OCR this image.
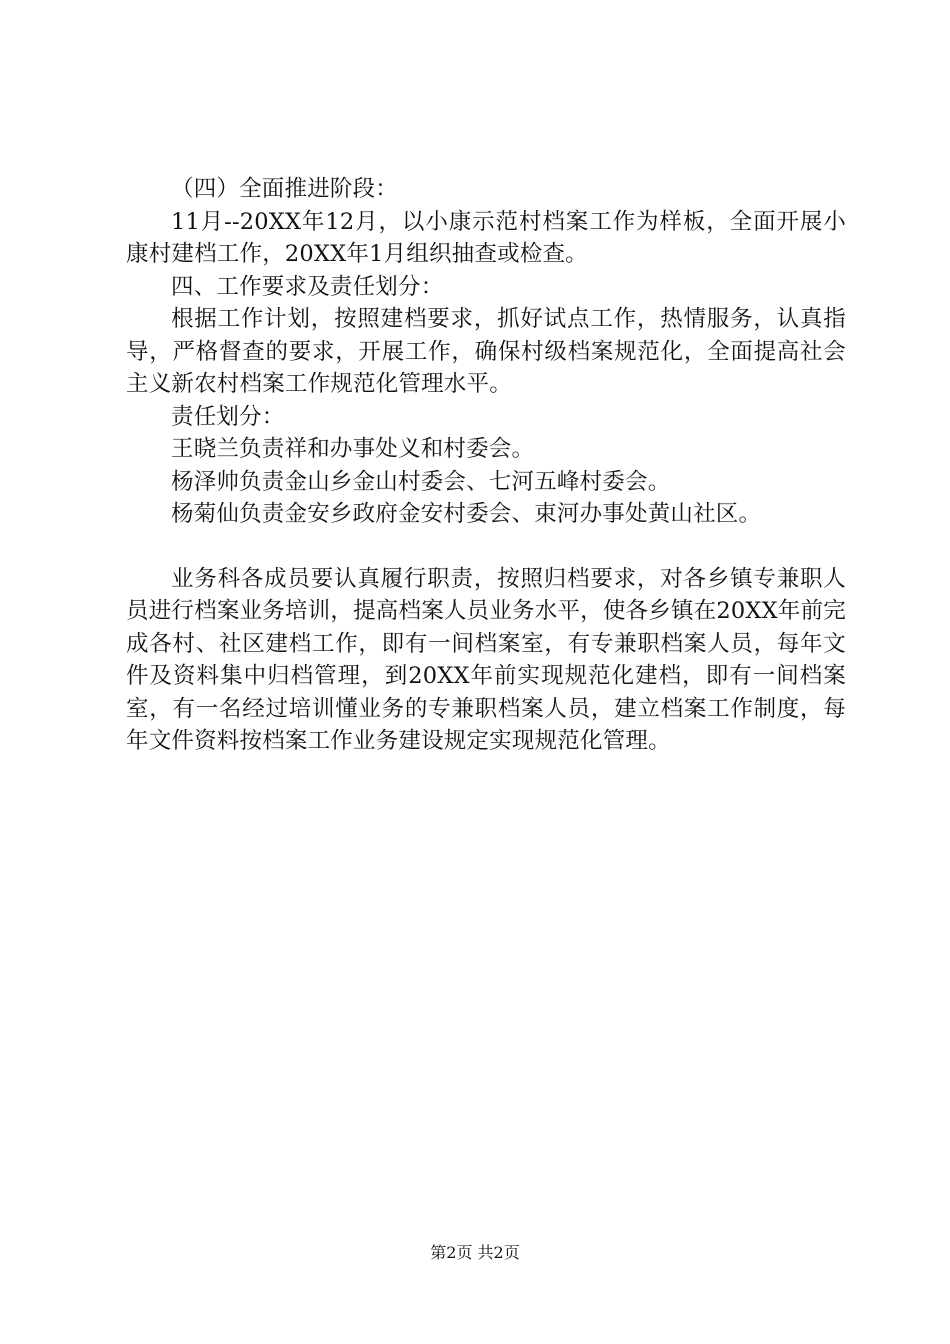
（四）全面推进阶段：

11月--20XX年12月，以小康示范村档案工作为样板，全面开展小康村建档工作，20XX年1月组织抽查或检查。

四、工作要求及责任划分：

根据工作计划，按照建档要求，抓好试点工作，热情服务，认真指导，严格督查的要求，开展工作，确保村级档案规范化，全面提高社会主义新农村档案工作规范化管理水平。

责任划分：

王晓兰负责祥和办事处义和村委会。

杨泽帅负责金山乡金山村委会、七河五峰村委会。

杨菊仙负责金安乡政府金安村委会、束河办事处黄山社区。

业务科各成员要认真履行职责，按照归档要求，对各乡镇专兼职人员进行档案业务培训，提高档案人员业务水平，使各乡镇在20XX年前完成各村、社区建档工作，即有一间档案室，有专兼职档案人员，每年文件及资料集中归档管理，到20XX年前实现规范化建档，即有一间档案室，有一名经过培训懂业务的专兼职档案人员，建立档案工作制度，每年文件资料按档案工作业务建设规定实现规范化管理。

第2页 共2页
